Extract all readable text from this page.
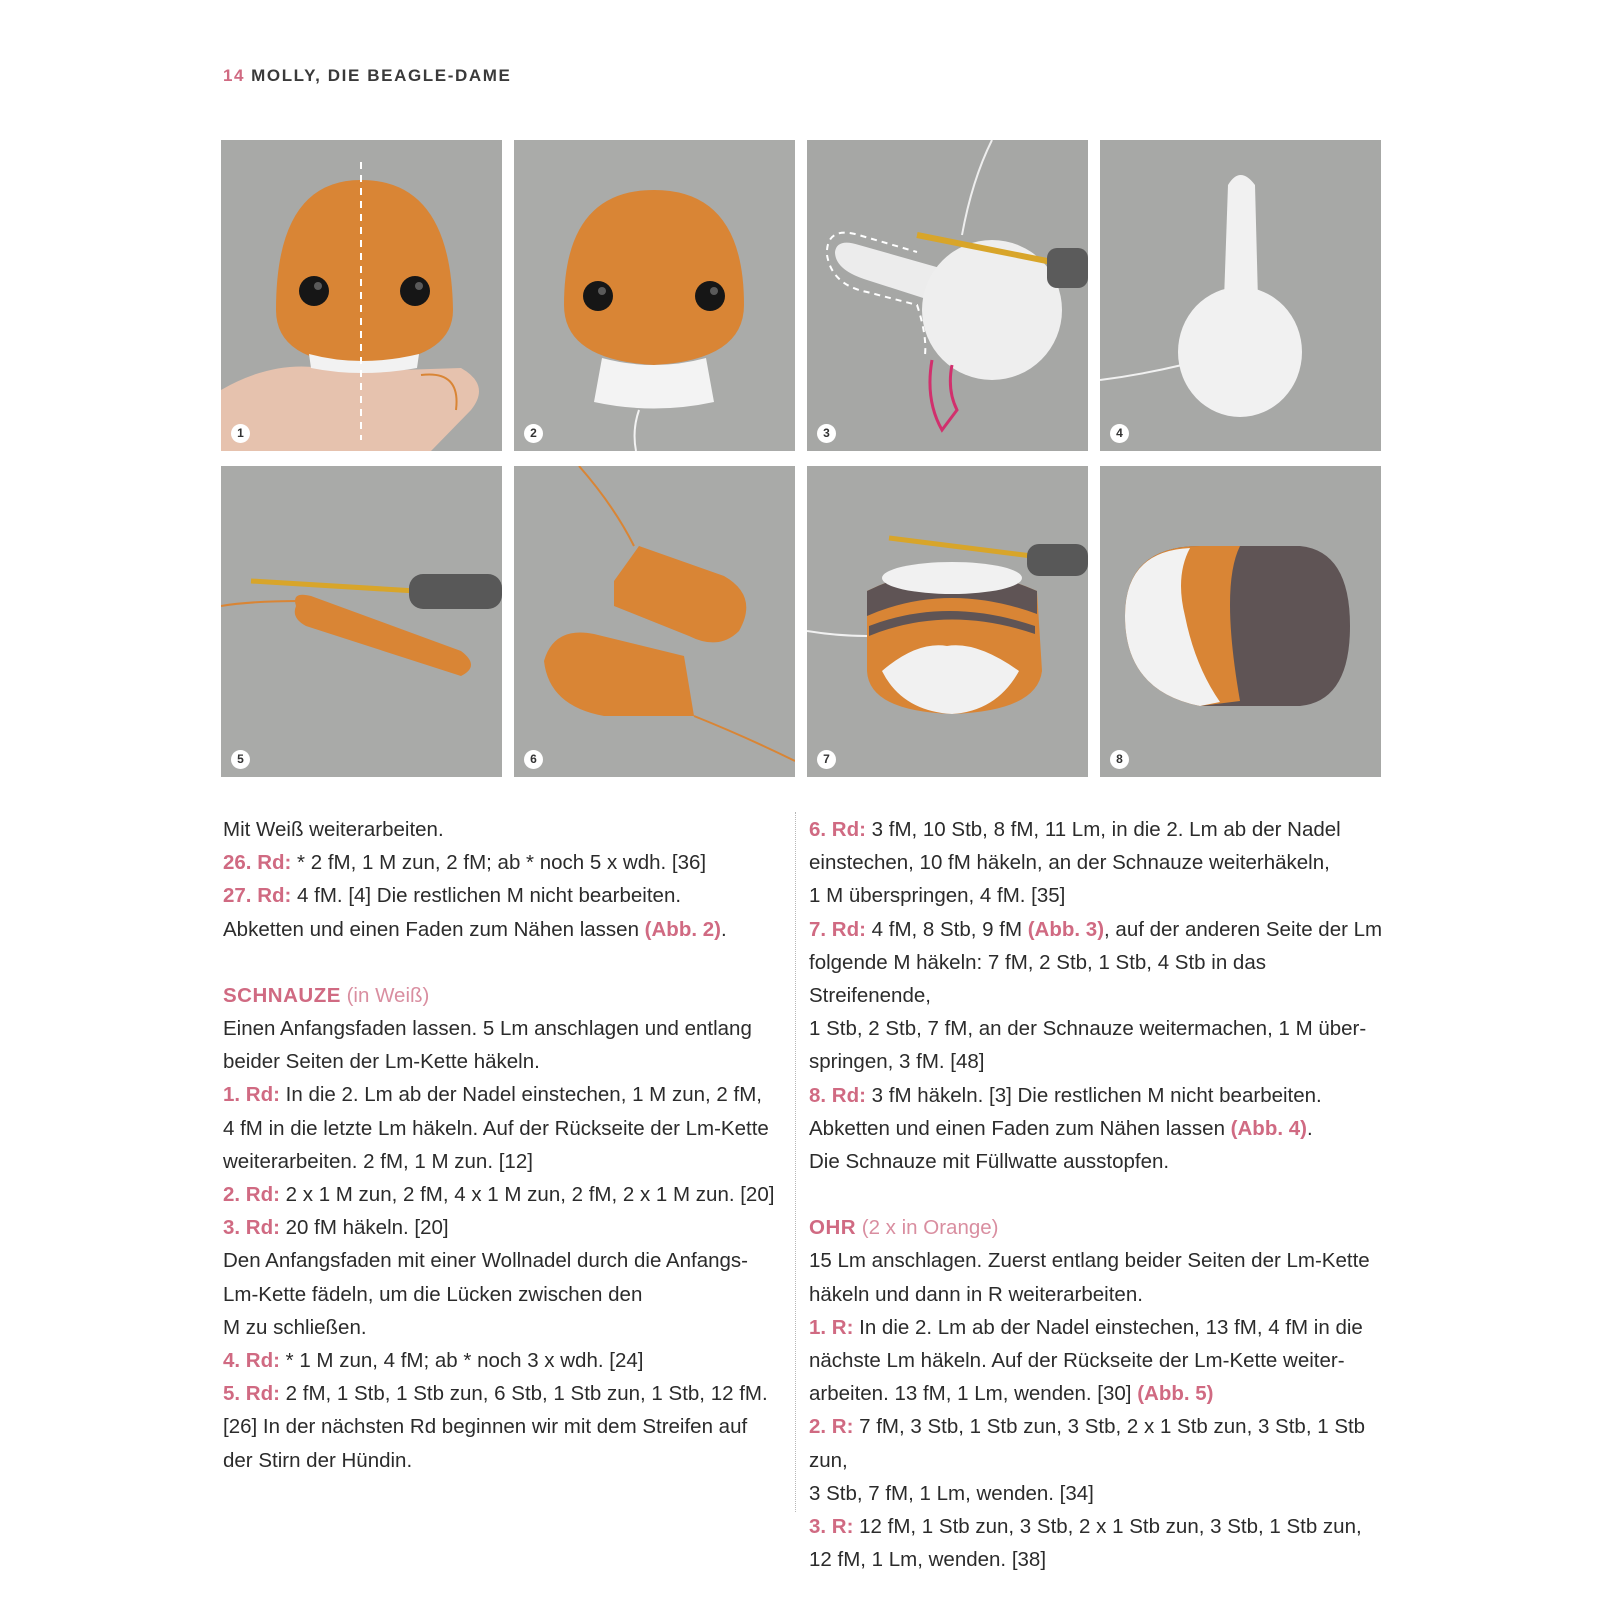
14 MOLLY, DIE BEAGLE-DAME
1	2	3	4
5	6	7	8

Mit Weiß weiterarbeiten.

26. Rd: * 2 fM, 1 M zun, 2 fM; ab * noch 5 x wdh. [36]

27. Rd: 4 fM. [4] Die restlichen M nicht bearbeiten.

Abketten und einen Faden zum Nähen lassen (Abb. 2).

SCHNAUZE (in Weiß)

Einen Anfangsfaden lassen. 5 Lm anschlagen und entlang beider Seiten der Lm-Kette häkeln.

1. Rd: In die 2. Lm ab der Nadel einstechen, 1 M zun, 2 fM,
4 fM in die letzte Lm häkeln. Auf der Rückseite der Lm-Kette
weiterarbeiten. 2 fM, 1 M zun. [12]

2. Rd: 2 x 1 M zun, 2 fM, 4 x 1 M zun, 2 fM, 2 x 1 M zun. [20]

3. Rd: 20 fM häkeln. [20]

Den Anfangsfaden mit einer Wollnadel durch die Anfangs-
Lm-Kette fädeln, um die Lücken zwischen den
M zu schließen.

4. Rd: * 1 M zun, 4 fM; ab * noch 3 x wdh. [24]

5. Rd: 2 fM, 1 Stb, 1 Stb zun, 6 Stb, 1 Stb zun, 1 Stb, 12 fM.
[26] In der nächsten Rd beginnen wir mit dem Streifen auf
der Stirn der Hündin.

6. Rd: 3 fM, 10 Stb, 8 fM, 11 Lm, in die 2. Lm ab der Nadel
einstechen, 10 fM häkeln, an der Schnauze weiterhäkeln,
1 M überspringen, 4 fM. [35]

7. Rd: 4 fM, 8 Stb, 9 fM (Abb. 3), auf der anderen Seite der Lm
folgende M häkeln: 7 fM, 2 Stb, 1 Stb, 4 Stb in das Streifenende,
1 Stb, 2 Stb, 7 fM, an der Schnauze weitermachen, 1 M über-
springen, 3 fM. [48]

8. Rd: 3 fM häkeln. [3] Die restlichen M nicht bearbeiten.

Abketten und einen Faden zum Nähen lassen (Abb. 4).

Die Schnauze mit Füllwatte ausstopfen.

OHR (2 x in Orange)

15 Lm anschlagen. Zuerst entlang beider Seiten der Lm-Kette
häkeln und dann in R weiterarbeiten.

1. R: In die 2. Lm ab der Nadel einstechen, 13 fM, 4 fM in die
nächste Lm häkeln. Auf der Rückseite der Lm-Kette weiter-
arbeiten. 13 fM, 1 Lm, wenden. [30] (Abb. 5)

2. R: 7 fM, 3 Stb, 1 Stb zun, 3 Stb, 2 x 1 Stb zun, 3 Stb, 1 Stb zun,
3 Stb, 7 fM, 1 Lm, wenden. [34]

3. R: 12 fM, 1 Stb zun, 3 Stb, 2 x 1 Stb zun, 3 Stb, 1 Stb zun,
12 fM, 1 Lm, wenden. [38]
